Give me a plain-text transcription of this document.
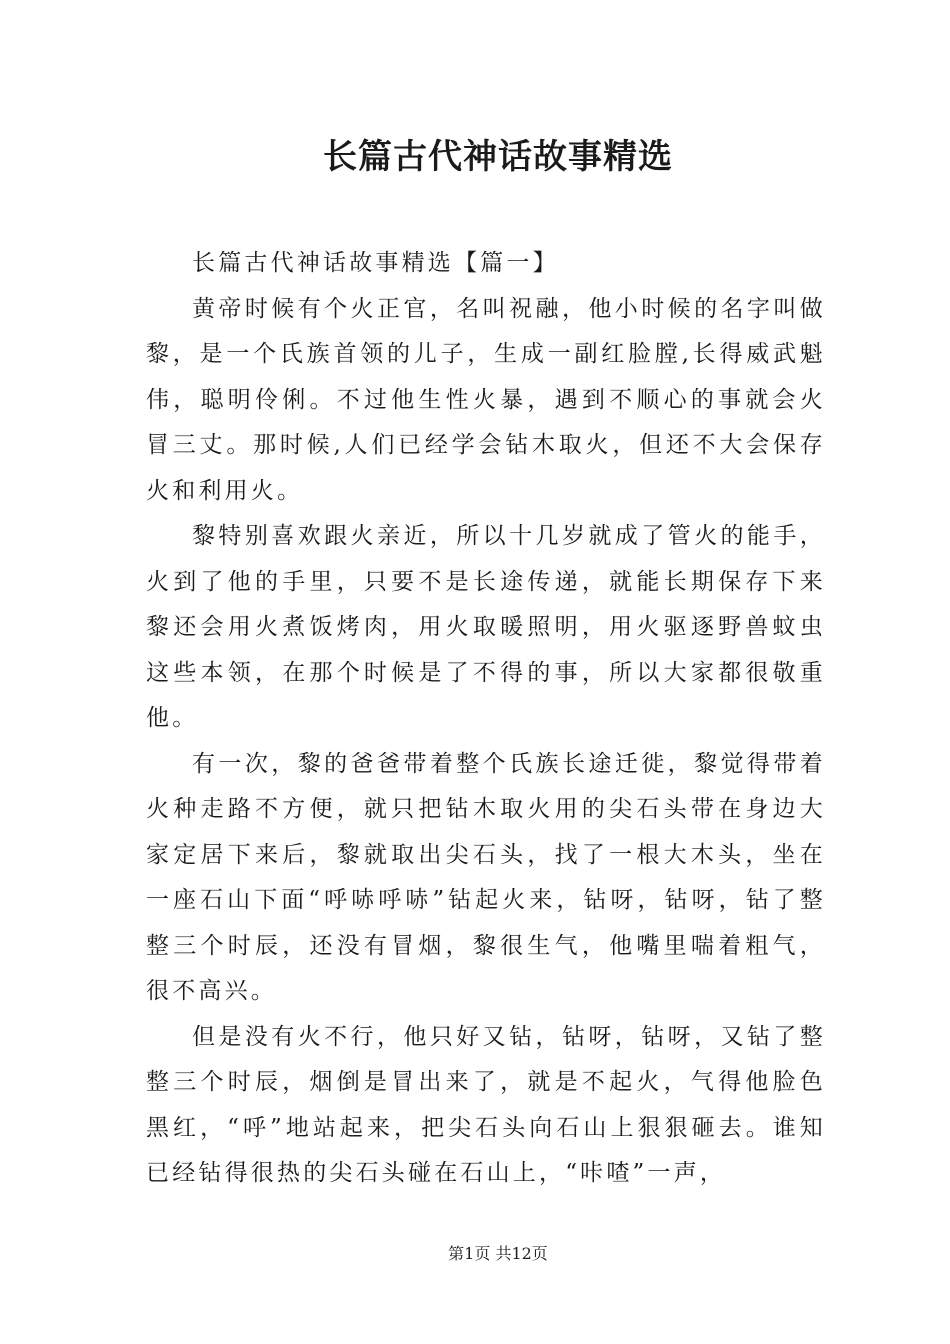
长篇古代神话故事精选

长篇古代神话故事精选【篇一】

黄帝时候有个火正官，名叫祝融，他小时候的名字叫做黎，是一个氏族首领的儿子，生成一副红脸膛,长得威武魁伟，聪明伶俐。不过他生性火暴，遇到不顺心的事就会火冒三丈。那时候,人们已经学会钻木取火，但还不大会保存火和利用火。

黎特别喜欢跟火亲近，所以十几岁就成了管火的能手，火到了他的手里，只要不是长途传递，就能长期保存下来黎还会用火煮饭烤肉，用火取暖照明，用火驱逐野兽蚊虫这些本领，在那个时候是了不得的事，所以大家都很敬重他。

有一次，黎的爸爸带着整个氏族长途迁徙，黎觉得带着火种走路不方便，就只把钻木取火用的尖石头带在身边大家定居下来后，黎就取出尖石头，找了一根大木头，坐在一座石山下面“呼哧呼哧”钻起火来，钻呀，钻呀，钻了整整三个时辰，还没有冒烟，黎很生气，他嘴里喘着粗气，很不高兴。

但是没有火不行，他只好又钻，钻呀，钻呀，又钻了整整三个时辰，烟倒是冒出来了，就是不起火，气得他脸色黑红，“呼”地站起来，把尖石头向石山上狠狠砸去。谁知已经钻得很热的尖石头碰在石山上，“咔喳”一声，

第1页 共12页
